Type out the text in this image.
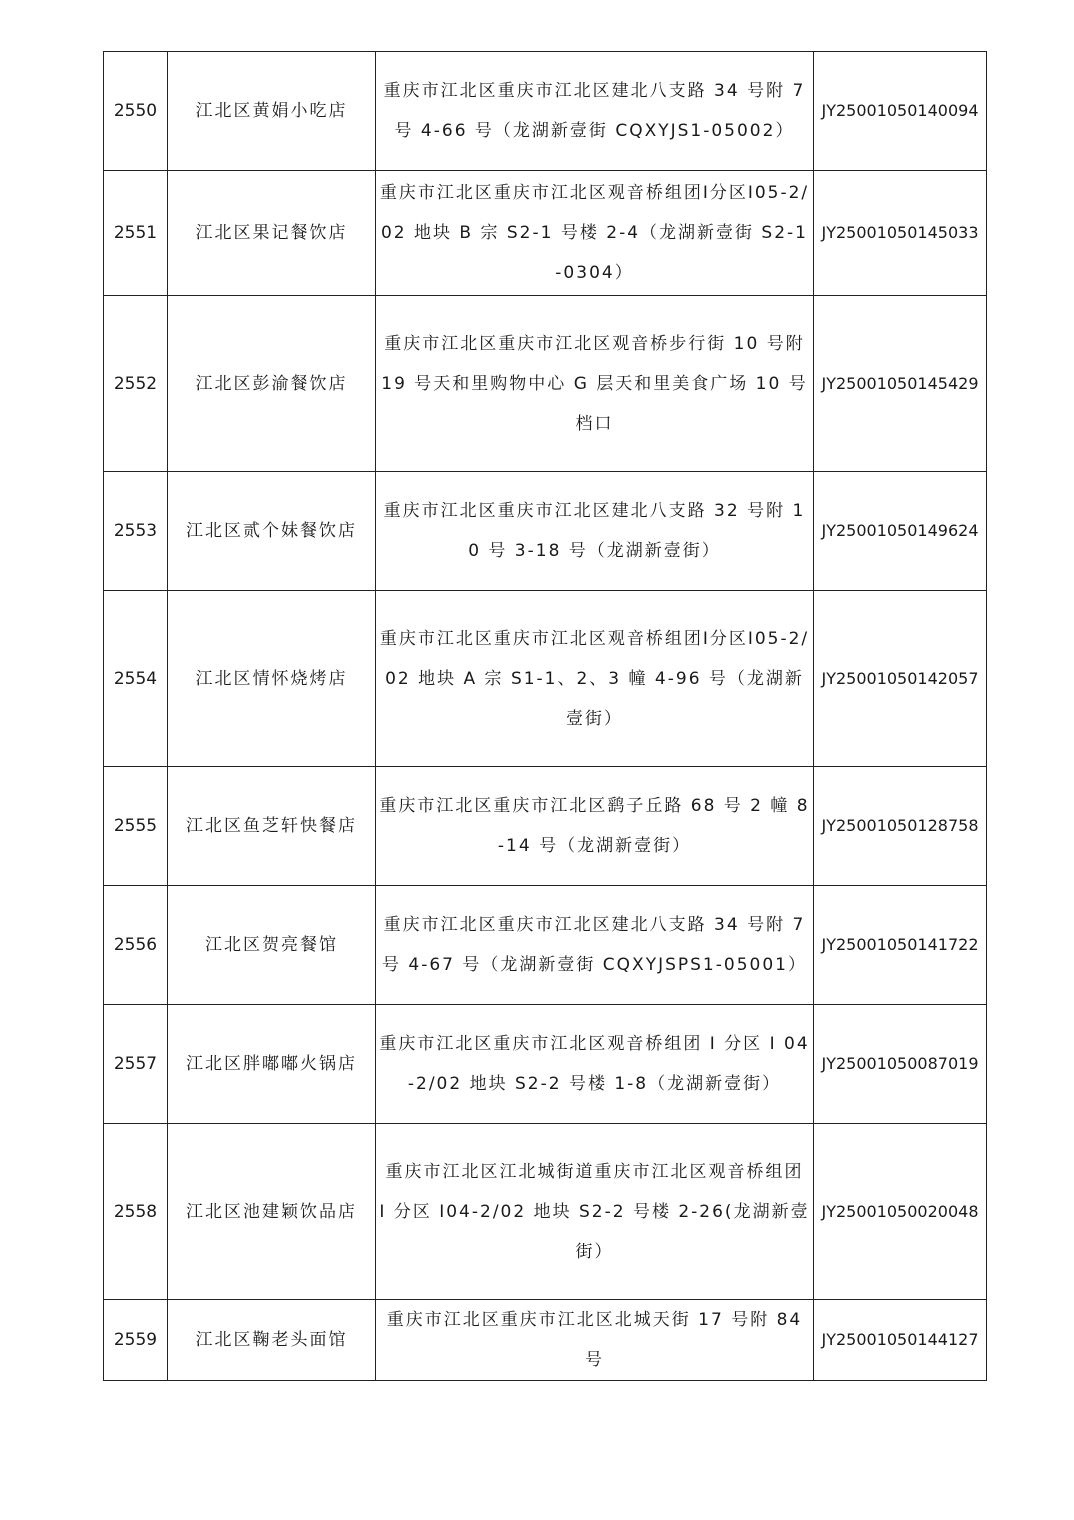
2550	江北区黄娟小吃店	重庆市江北区重庆市江北区建北八支路 34 号附 7 号 4-66 号（龙湖新壹街 CQXYJS1-05002）	JY25001050140094
2551	江北区果记餐饮店	重庆市江北区重庆市江北区观音桥组团Ⅰ分区Ⅰ05-2/02 地块 B 宗 S2-1 号楼 2-4（龙湖新壹街 S2-1-0304）	JY25001050145033
2552	江北区彭渝餐饮店	重庆市江北区重庆市江北区观音桥步行街 10 号附 19 号天和里购物中心 G 层天和里美食广场 10 号档口	JY25001050145429
2553	江北区贰个妹餐饮店	重庆市江北区重庆市江北区建北八支路 32 号附 10 号 3-18 号（龙湖新壹街）	JY25001050149624
2554	江北区情怀烧烤店	重庆市江北区重庆市江北区观音桥组团Ⅰ分区Ⅰ05-2/02 地块 A 宗 S1-1、2、3 幢 4-96 号（龙湖新壹街）	JY25001050142057
2555	江北区鱼芝轩快餐店	重庆市江北区重庆市江北区鹞子丘路 68 号 2 幢 8-14 号（龙湖新壹街）	JY25001050128758
2556	江北区贺亮餐馆	重庆市江北区重庆市江北区建北八支路 34 号附 7 号 4-67 号（龙湖新壹街 CQXYJSPS1-05001）	JY25001050141722
2557	江北区胖嘟嘟火锅店	重庆市江北区重庆市江北区观音桥组团 I 分区 I 04-2/02 地块 S2-2 号楼 1-8（龙湖新壹街）	JY25001050087019
2558	江北区池建颖饮品店	重庆市江北区江北城街道重庆市江北区观音桥组团 I 分区 I04-2/02 地块 S2-2 号楼 2-26(龙湖新壹街）	JY25001050020048
2559	江北区鞠老头面馆	重庆市江北区重庆市江北区北城天街 17 号附 84 号	JY25001050144127
